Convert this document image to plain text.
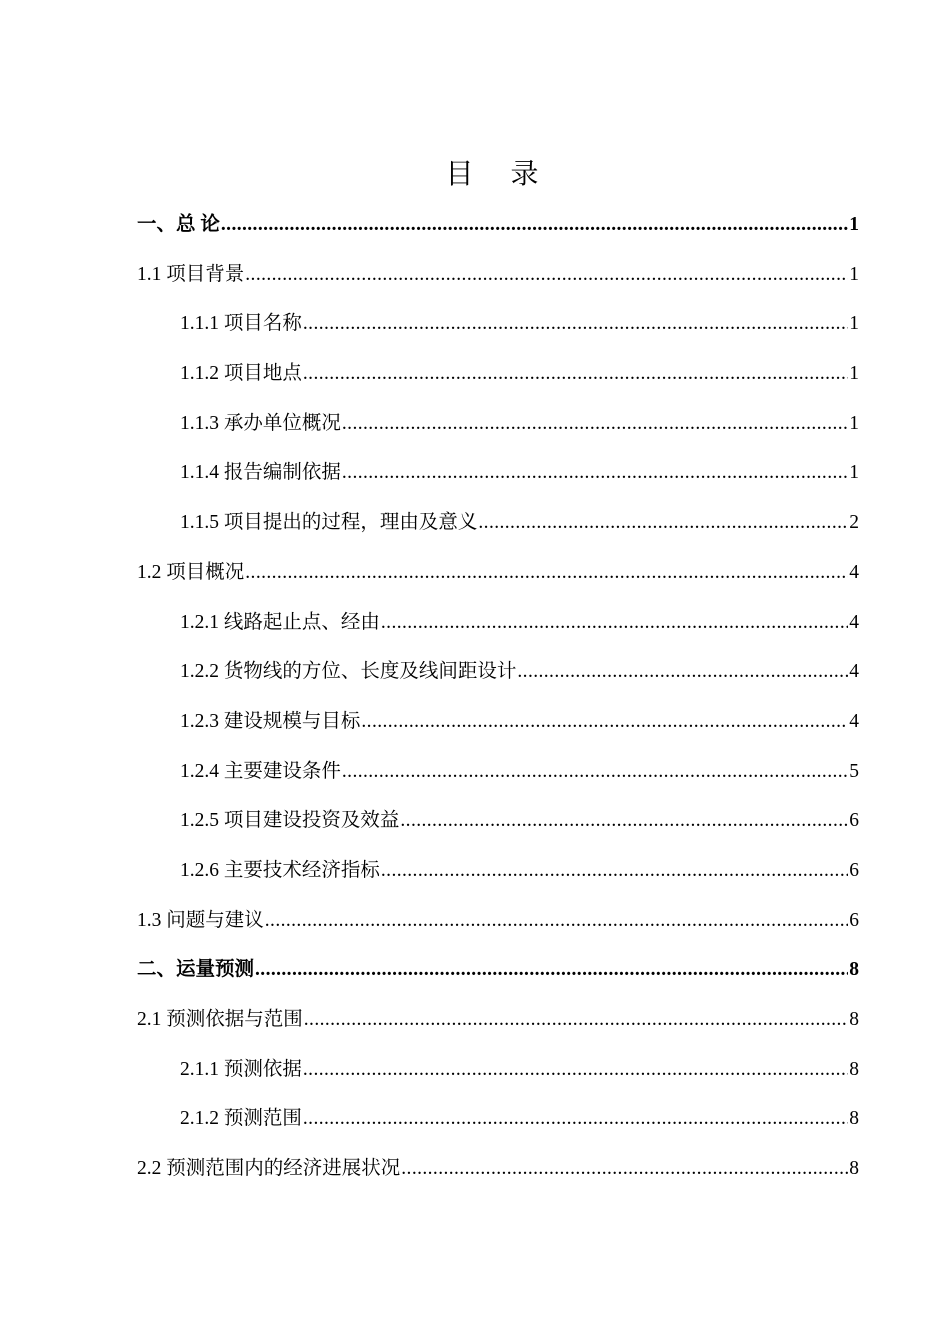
目 录
一、总 论 .....	1
1.1 项目背景 .....	1
1.1.1 项目名称 .....	1
1.1.2 项目地点 .....	1
1.1.3 承办单位概况 .....	1
1.1.4 报告编制依据 .....	1
1.1.5 项目提出的过程，理由及意义 .....	2
1.2 项目概况 .....	4
1.2.1 线路起止点、经由 .....	4
1.2.2 货物线的方位、长度及线间距设计 .....	4
1.2.3 建设规模与目标 .....	4
1.2.4 主要建设条件 .....	5
1.2.5 项目建设投资及效益 .....	6
1.2.6 主要技术经济指标 .....	6
1.3 问题与建议 .....	6
二、运量预测 .....	8
2.1 预测依据与范围 .....	8
2.1.1 预测依据 .....	8
2.1.2 预测范围 .....	8
2.2 预测范围内的经济进展状况 .....	8
